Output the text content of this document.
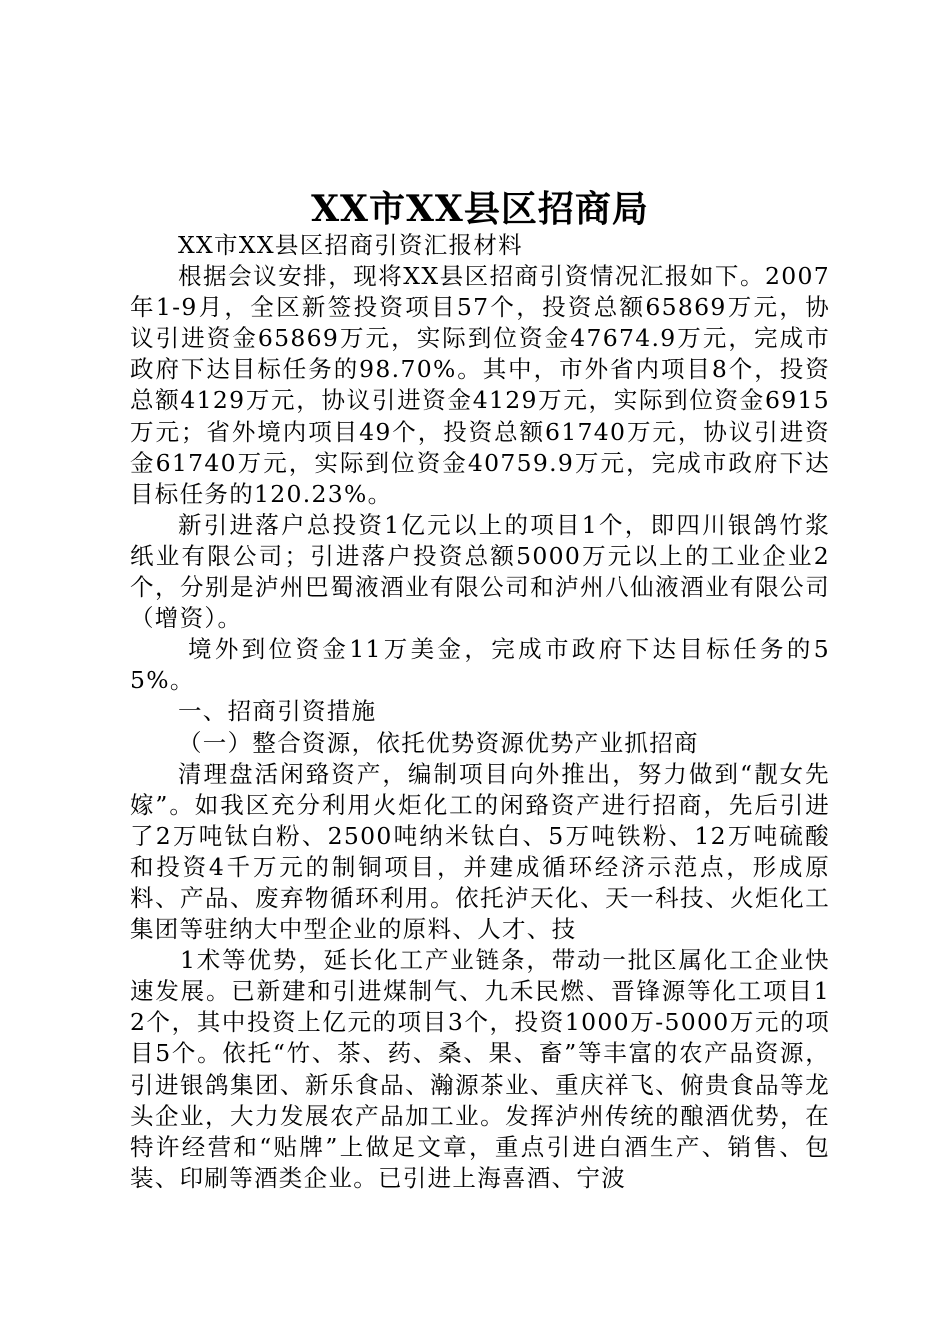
XX市XX县区招商局

XX市XX县区招商引资汇报材料

根据会议安排，现将XX县区招商引资情况汇报如下。2007年1-9月，全区新签投资项目57个，投资总额65869万元，协议引进资金65869万元，实际到位资金47674.9万元，完成市政府下达目标任务的98.70%。其中，市外省内项目8个，投资总额4129万元，协议引进资金4129万元，实际到位资金6915万元；省外境内项目49个，投资总额61740万元，协议引进资金61740万元，实际到位资金40759.9万元，完成市政府下达目标任务的120.23%。

新引进落户总投资1亿元以上的项目1个，即四川银鸽竹浆纸业有限公司；引进落户投资总额5000万元以上的工业企业2个，分别是泸州巴蜀液酒业有限公司和泸州八仙液酒业有限公司（增资）。

境外到位资金11万美金，完成市政府下达目标任务的55%。

一、招商引资措施

（一）整合资源，依托优势资源优势产业抓招商

清理盘活闲臵资产，编制项目向外推出，努力做到“靓女先嫁”。如我区充分利用火炬化工的闲臵资产进行招商，先后引进了2万吨钛白粉、2500吨纳米钛白、5万吨铁粉、12万吨硫酸和投资4千万元的制铜项目，并建成循环经济示范点，形成原料、产品、废弃物循环利用。依托泸天化、天一科技、火炬化工集团等驻纳大中型企业的原料、人才、技

1术等优势，延长化工产业链条，带动一批区属化工企业快速发展。已新建和引进煤制气、九禾民燃、晋锋源等化工项目12个，其中投资上亿元的项目3个，投资1000万-5000万元的项目5个。依托“竹、茶、药、桑、果、畜”等丰富的农产品资源，引进银鸽集团、新乐食品、瀚源茶业、重庆祥飞、俯贵食品等龙头企业，大力发展农产品加工业。发挥泸州传统的酿酒优势，在特许经营和“贴牌”上做足文章，重点引进白酒生产、销售、包装、印刷等酒类企业。已引进上海喜酒、宁波
